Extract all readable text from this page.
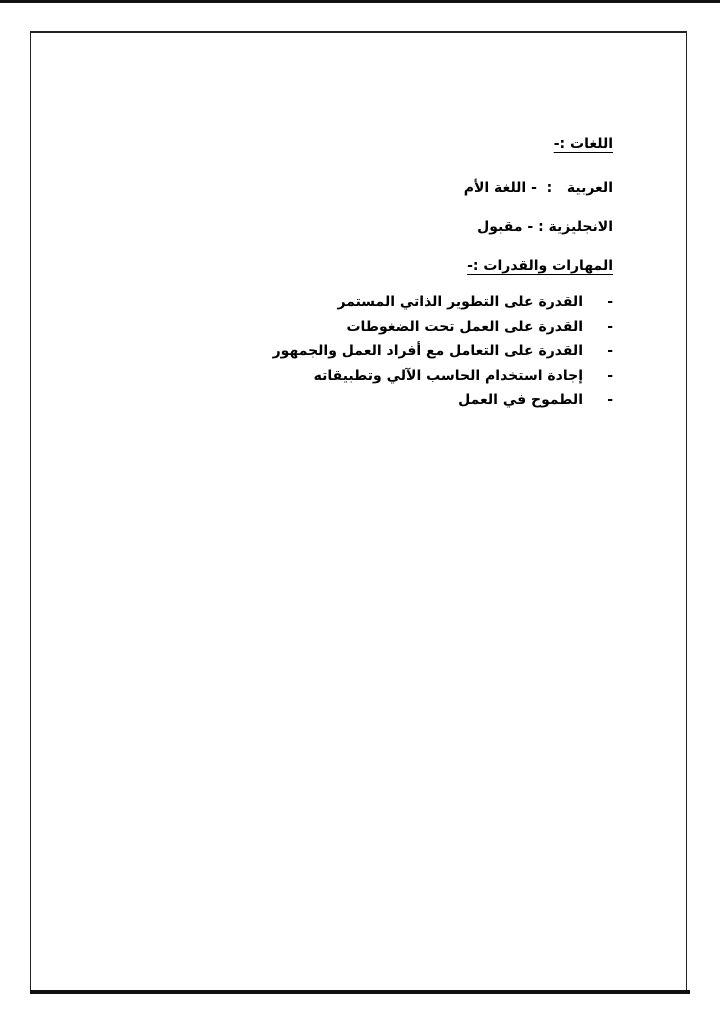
اللغات :-
العربية   :  - اللغة الأم
الانجليزية : - مقبول
المهارات والقدرات :-
-القدرة على التطوير الذاتي المستمر
-القدرة على العمل تحت الضغوطات
-القدرة على التعامل مع أفراد العمل والجمهور
-إجادة استخدام الحاسب الآلي وتطبيقاته
-الطموح في العمل
